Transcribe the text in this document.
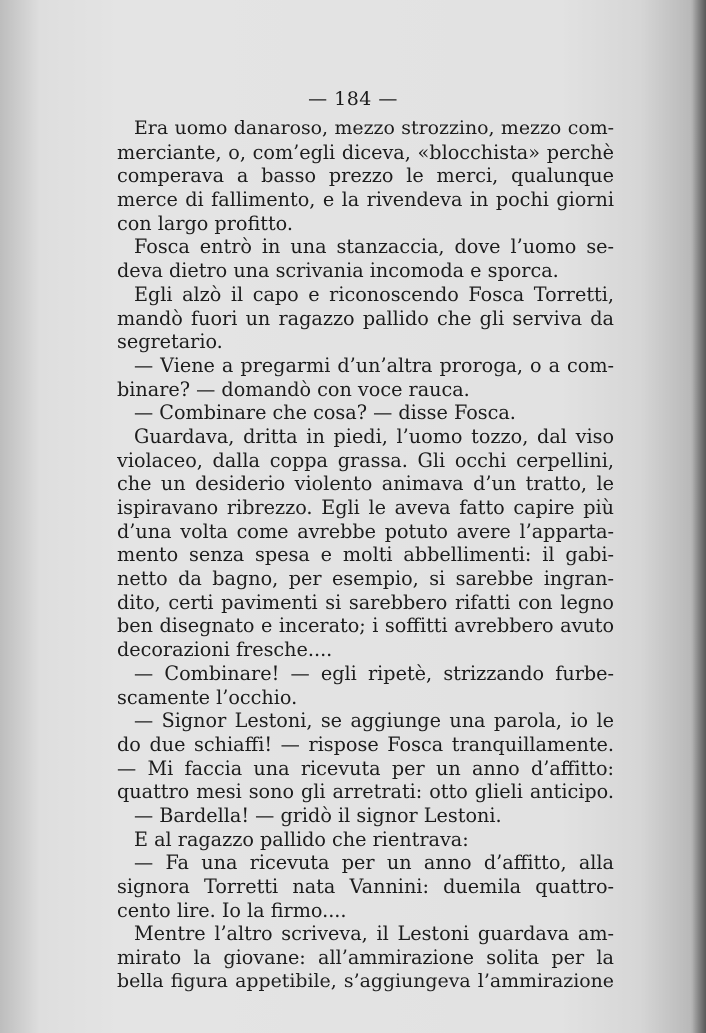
— 184 —
Era uomo danaroso, mezzo strozzino, mezzo com-
merciante, o, com’egli diceva, «blocchista» perchè
comperava a basso prezzo le merci, qualunque
merce di fallimento, e la rivendeva in pochi giorni
con largo profitto.
Fosca entrò in una stanzaccia, dove l’uomo se-
deva dietro una scrivania incomoda e sporca.
Egli alzò il capo e riconoscendo Fosca Torretti,
mandò fuori un ragazzo pallido che gli serviva da
segretario.
— Viene a pregarmi d’un’altra proroga, o a com-
binare? — domandò con voce rauca.
— Combinare che cosa? — disse Fosca.
Guardava, dritta in piedi, l’uomo tozzo, dal viso
violaceo, dalla coppa grassa. Gli occhi cerpellini,
che un desiderio violento animava d’un tratto, le
ispiravano ribrezzo. Egli le aveva fatto capire più
d’una volta come avrebbe potuto avere l’apparta-
mento senza spesa e molti abbellimenti: il gabi-
netto da bagno, per esempio, si sarebbe ingran-
dito, certi pavimenti si sarebbero rifatti con legno
ben disegnato e incerato; i soffitti avrebbero avuto
decorazioni fresche....
— Combinare! — egli ripetè, strizzando furbe-
scamente l’occhio.
— Signor Lestoni, se aggiunge una parola, io le
do due schiaffi! — rispose Fosca tranquillamente.
— Mi faccia una ricevuta per un anno d’affitto:
quattro mesi sono gli arretrati: otto glieli anticipo.
— Bardella! — gridò il signor Lestoni.
E al ragazzo pallido che rientrava:
— Fa una ricevuta per un anno d’affitto, alla
signora Torretti nata Vannini: duemila quattro-
cento lire. Io la firmo....
Mentre l’altro scriveva, il Lestoni guardava am-
mirato la giovane: all’ammirazione solita per la
bella figura appetibile, s’aggiungeva l’ammirazione
